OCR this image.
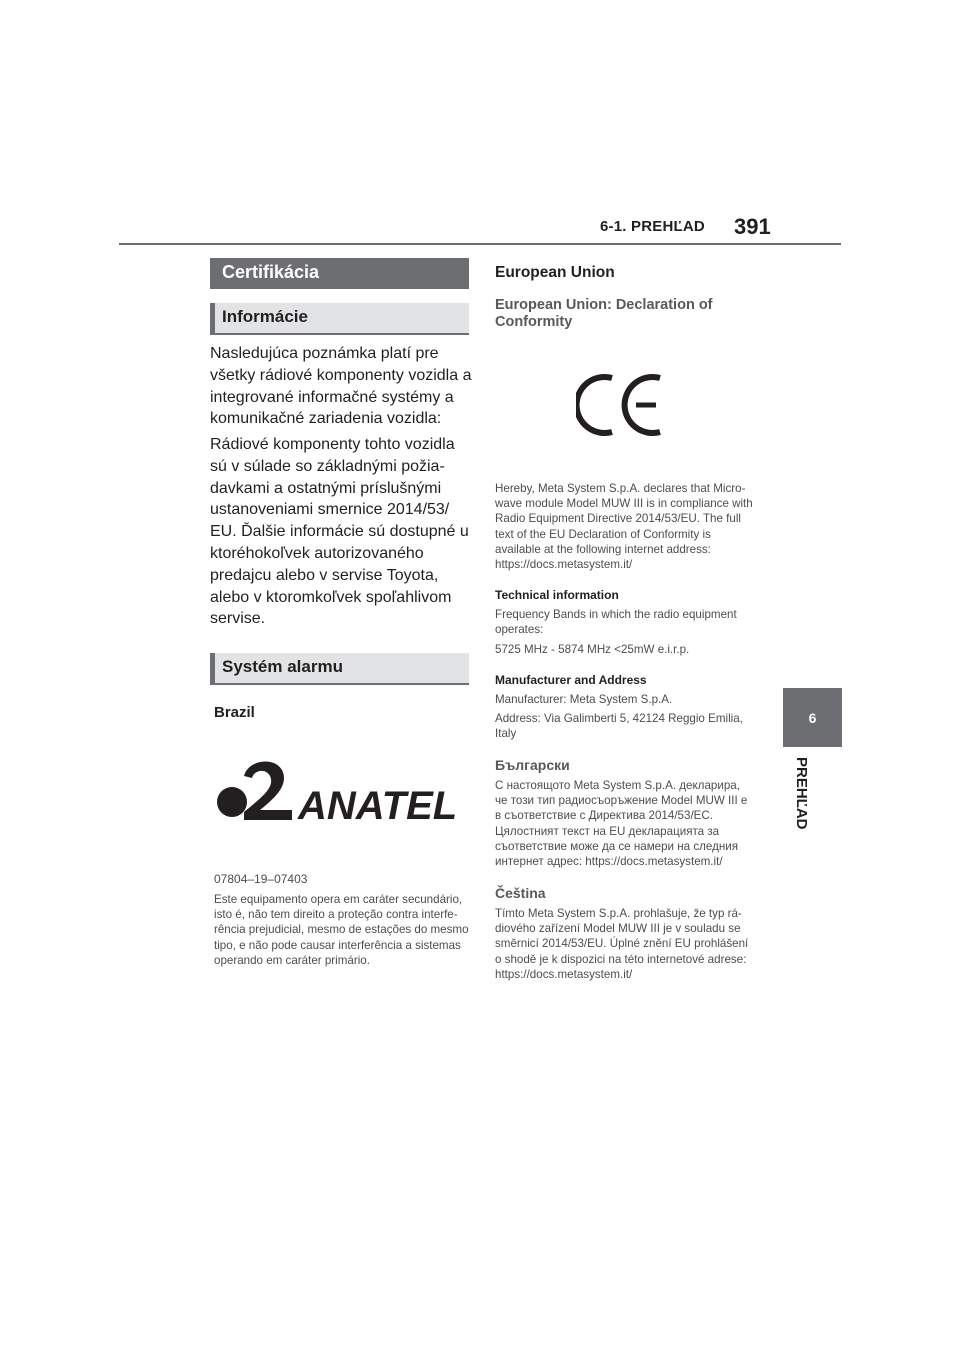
6-1. PREHĽAD 391
6
PREHĽAD
Certifikácia
Informácie

Nasledujúca poznámka platí pre všetky rádiové komponenty vozidla a integrované informačné systémy a komunikačné zariadenia vozidla:

Rádiové komponenty tohto vozidla sú v súlade so základnými požia-davkami a ostatnými príslušnými ustanoveniami smernice 2014/53/ EU. Ďalšie informácie sú dostupné u ktoréhokoľvek autorizovaného predajcu alebo v servise Toyota, alebo v ktoromkoľvek spoľahlivom servise.

Systém alarmu
Brazil
ANATEL
07804–19–07403

Este equipamento opera em caráter secundário, isto é, não tem direito a proteção contra interfe-rência prejudicial, mesmo de estações do mesmo tipo, e não pode causar interferência a sistemas operando em caráter primário.

European Union
European Union: Declaration of Conformity

Hereby, Meta System S.p.A. declares that Micro-wave module Model MUW III is in compliance with Radio Equipment Directive 2014/53/EU. The full text of the EU Declaration of Conformity is available at the following internet address: https://docs.metasystem.it/

Technical information

Frequency Bands in which the radio equipment operates:

5725 MHz - 5874 MHz <25mW e.i.r.p.

Manufacturer and Address

Manufacturer: Meta System S.p.A.

Address: Via Galimberti 5, 42124 Reggio Emilia, Italy

Български

С настоящото Meta System S.p.A. декларира, че този тип радиосъоръжение Model MUW III е в съответствие с Директива 2014/53/ЕС. Цялостният текст на EU декларацията за съответствие може да се намери на следния интернет адрес: https://docs.metasystem.it/

Čeština

Tímto Meta System S.p.A. prohlašuje, že typ rá-diového zařízení Model MUW III je v souladu se směrnicí 2014/53/EU. Úplné znění EU prohlášení o shodě je k dispozici na této internetové adrese: https://docs.metasystem.it/
